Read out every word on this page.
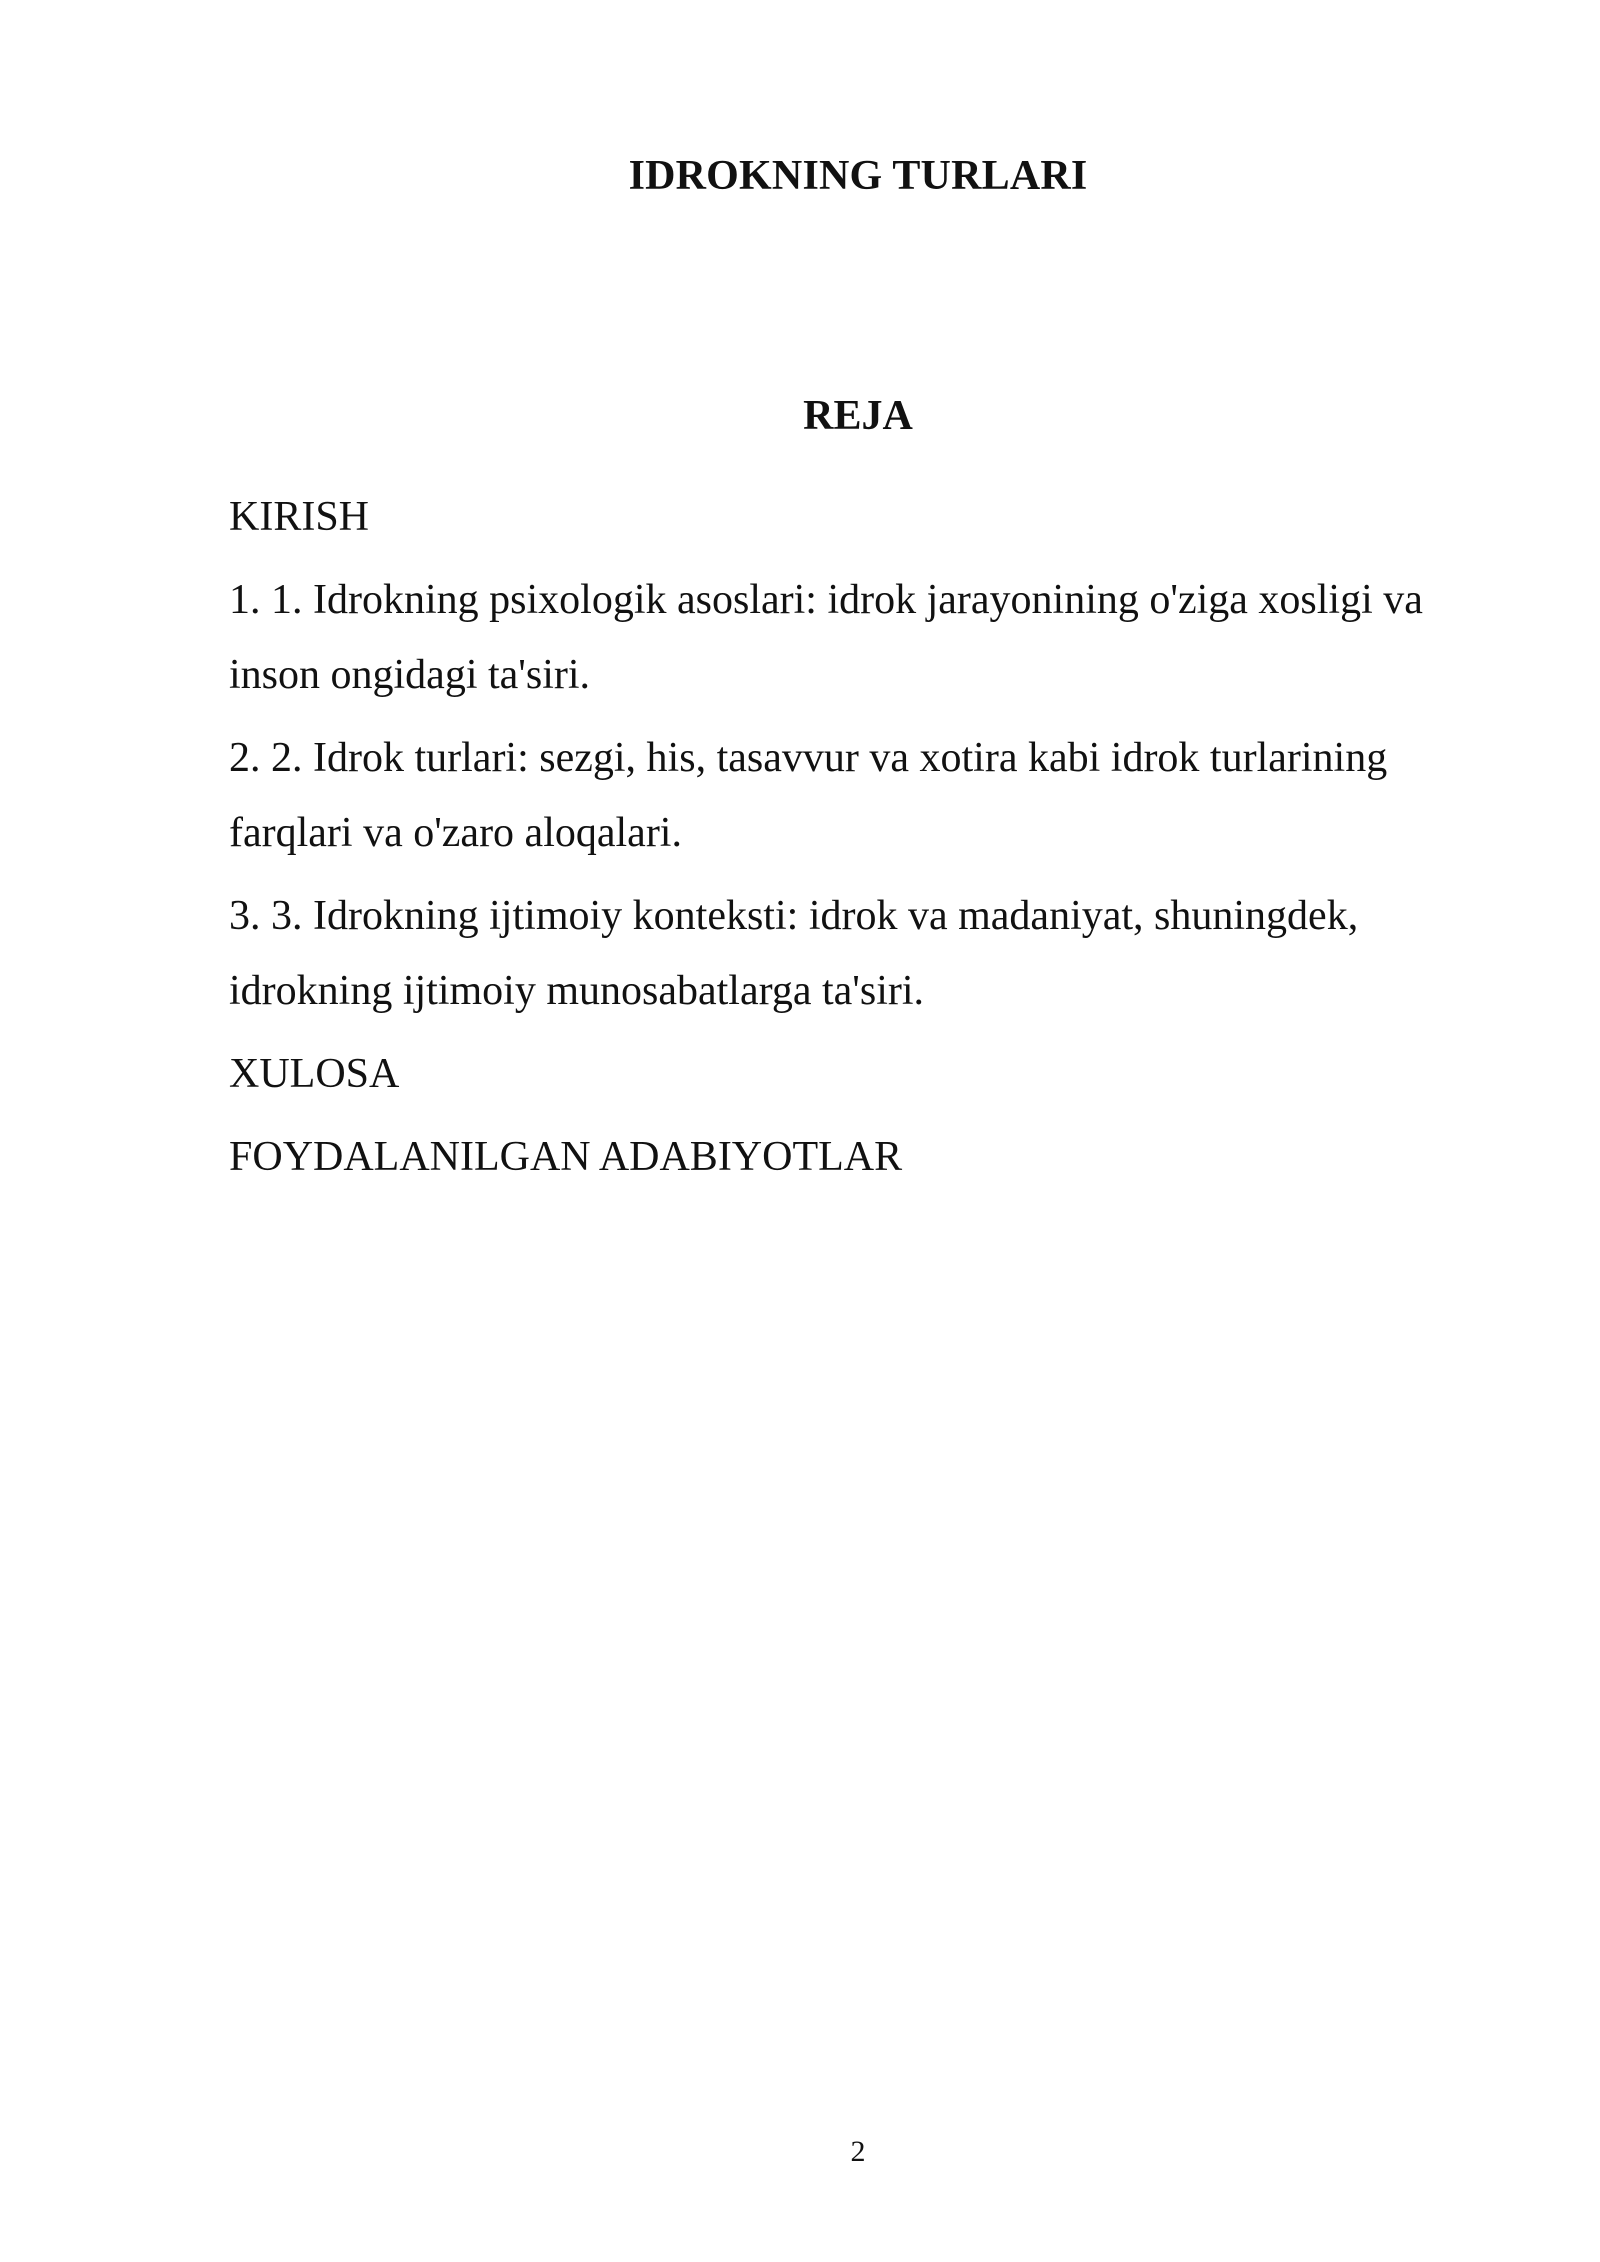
IDROKNING TURLARI
REJA
KIRISH
1. 1. Idrokning psixologik asoslari: idrok jarayonining o'ziga xosligi va inson ongidagi ta'siri.
2. 2. Idrok turlari: sezgi, his, tasavvur va xotira kabi idrok turlarining farqlari va o'zaro aloqalari.
3. 3. Idrokning ijtimoiy konteksti: idrok va madaniyat, shuningdek, idrokning ijtimoiy munosabatlarga ta'siri.
XULOSA
FOYDALANILGAN ADABIYOTLAR
2
